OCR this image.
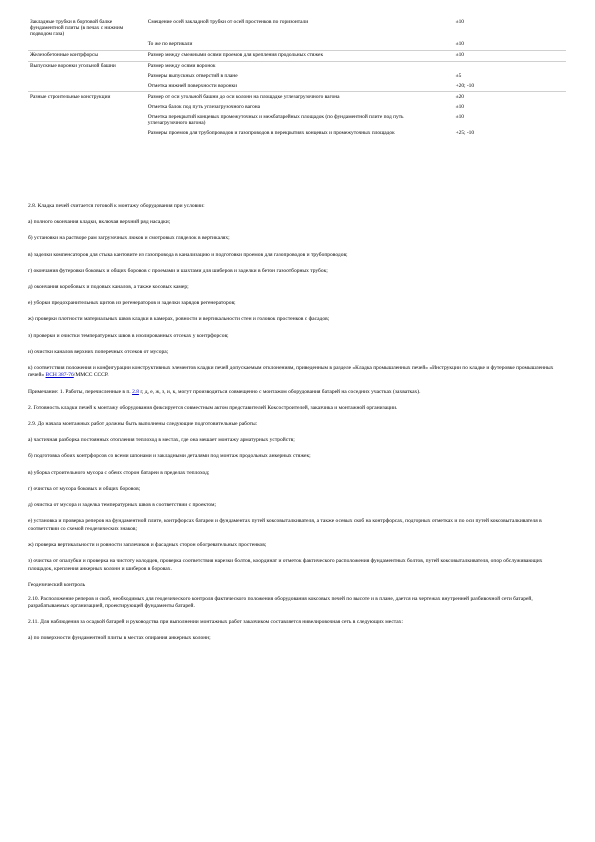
Закладные трубки в бортовой балке фундаментной плиты (в печах с нижним подводом газа)	Смещение осей закладной трубки от осей простенков по горизонтали	±10
	То же по вертикали	±10
Железобетонные контрфорсы	Размер между смежными осями проемов для крепления продольных стяжек	±10
Выпускные воронки угольной башни	Размер между осями воронок	
	Размеры выпускных отверстий в плане	±5
	Отметка нижней поверхности воронки	+20; -10
Разные строительные конструкции	Размер от оси угольной башни до оси колонн на площадке углезагрузочного вагона	±20
	Отметка балок под путь углезагрузочного вагона	±10
	Отметка перекрытий концевых промежуточных и межбатарейных площадок (по фундаментной плите под путь углезагрузочного вагона)	±10
	Размеры проемов для трубопроводов и газопроводов в перекрытиях концевых и промежуточных площадок	+25; -10

2.8. Кладка печей считается готовой к монтажу оборудования при условии:

а) полного окончания кладки, включая верхний ряд насадки;

б) установки на растворе рам загрузочных люков и смотровых гляделок в вертикалях;

в) заделки компенсаторов для стыка кантовите из газопровода в канализацию и подготовки проемов для газопроводов и трубопроводов;

г) окончания футеровки боковых и общих боровов с проемами и шахтами для шиберов и заделки в бетон газоотборных трубок;

д) окончания коробовых и подовых каналов, а также косовых камер;

е) уборки предохранительных щитов из регенераторов и заделки зарядов регенераторов;

ж) проверки плотности материальных швов кладки в камерах, ровности и вертикальности стен и головок простенков с фасадов;

з) проверки и очистки температурных швов в изолированных отсеках у контрфорсов;

и) очистки каналов верхних поперечных отсеков от мусора;

к) соответствия положения и конфигурации конструктивных элементов кладки печей допускаемым отклонениям, приведенным в разделе «Кладка промышленных печей» «Инструкции по кладке и футеровке промышленных печей» ВСН 387-76/ММСС СССР.

Примечание: 1. Работы, перечисленные в п. 2.8 г, д, е, ж, з, и, к, могут производиться совмещенно с монтажом оборудования батарей на соседних участках (захватках).

2. Готовность кладки печей к монтажу оборудования фиксируется совместным актом представителей Коксостроителей, заказчика и монтажной организации.

2.9. До начала монтажных работ должны быть выполнены следующие подготовительные работы:

а) частичная разборка постоянных отопления теплоход в местах, где она мешает монтажу арматурных устройств;

б) подготовка обоих контрфорсов со всеми шпонами и закладными деталями под монтаж продольных анкерных стяжек;

в) уборка строительного мусора с обеих сторон батареи в пределах теплоход;

г) очистка от мусора боковых и общих боровов;

д) очистка от мусора и заделка температурных швов в соответствии с проектом;

е) установка и проверка реперов на фундаментной плите, контрфорсах батареи и фундаментах путей коксовыталкивателя, а также осевых скоб на контрфорсах, подгорных отметках и по оси путей коксовыталкивателя в соответствии со схемой геодезических знаков;

ж) проверка вертикальности и ровности заплечиков и фасадных сторон обогревательных простенков;

з) очистка от опалубки и проверка на чистоту колодцев, проверка соответствия нарезки болтов, координат и отметок фактического расположения фундаментных болтов, путей коксовыталкивателя, опор обслуживающих площадок, крепления анкерных колонн и шиберов в боровах.

Геодезический контроль

2.10. Расположение реперов и скоб, необходимых для геодезического контроля фактического положения оборудования коксовых печей по высоте и в плане, дается на чертежах внутренней разбивочной сети батарей, разрабатываемых организацией, проектирующей фундаменты батарей.

2.11. Для наблюдения за осадкой батарей и руководства при выполнении монтажных работ заказчиком составляется нивелировочная сеть в следующих местах:

а) по поверхности фундаментной плиты в местах опирания анкерных колонн;
